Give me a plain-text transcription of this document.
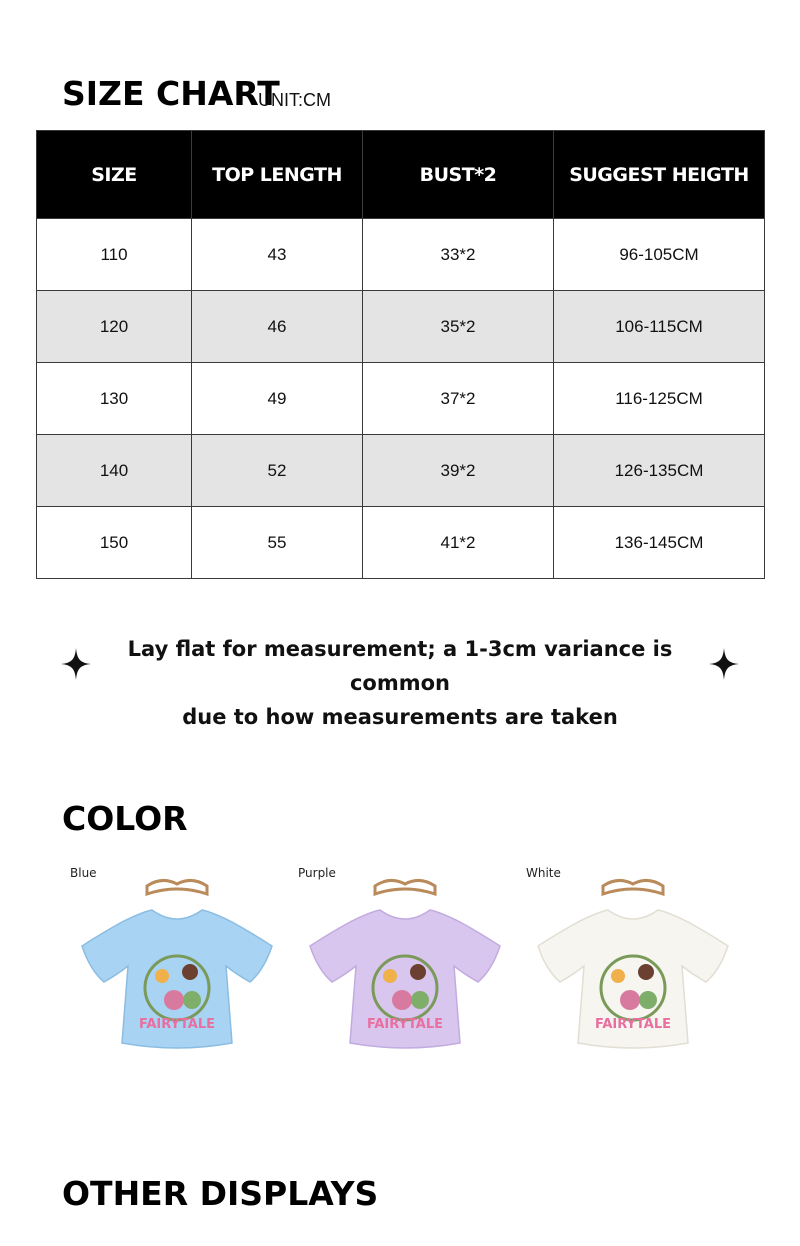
SIZE CHART
UNIT:CM
SIZE	TOP LENGTH	BUST*2	SUGGEST HEIGTH
110	43	33*2	96-105CM
120	46	35*2	106-115CM
130	49	37*2	116-125CM
140	52	39*2	126-135CM
150	55	41*2	136-145CM
Lay flat for measurement; a 1-3cm variance is common
due to how measurements are taken
COLOR
Blue
FAIRYTALE
Purple
FAIRYTALE
White
FAIRYTALE
OTHER DISPLAYS
